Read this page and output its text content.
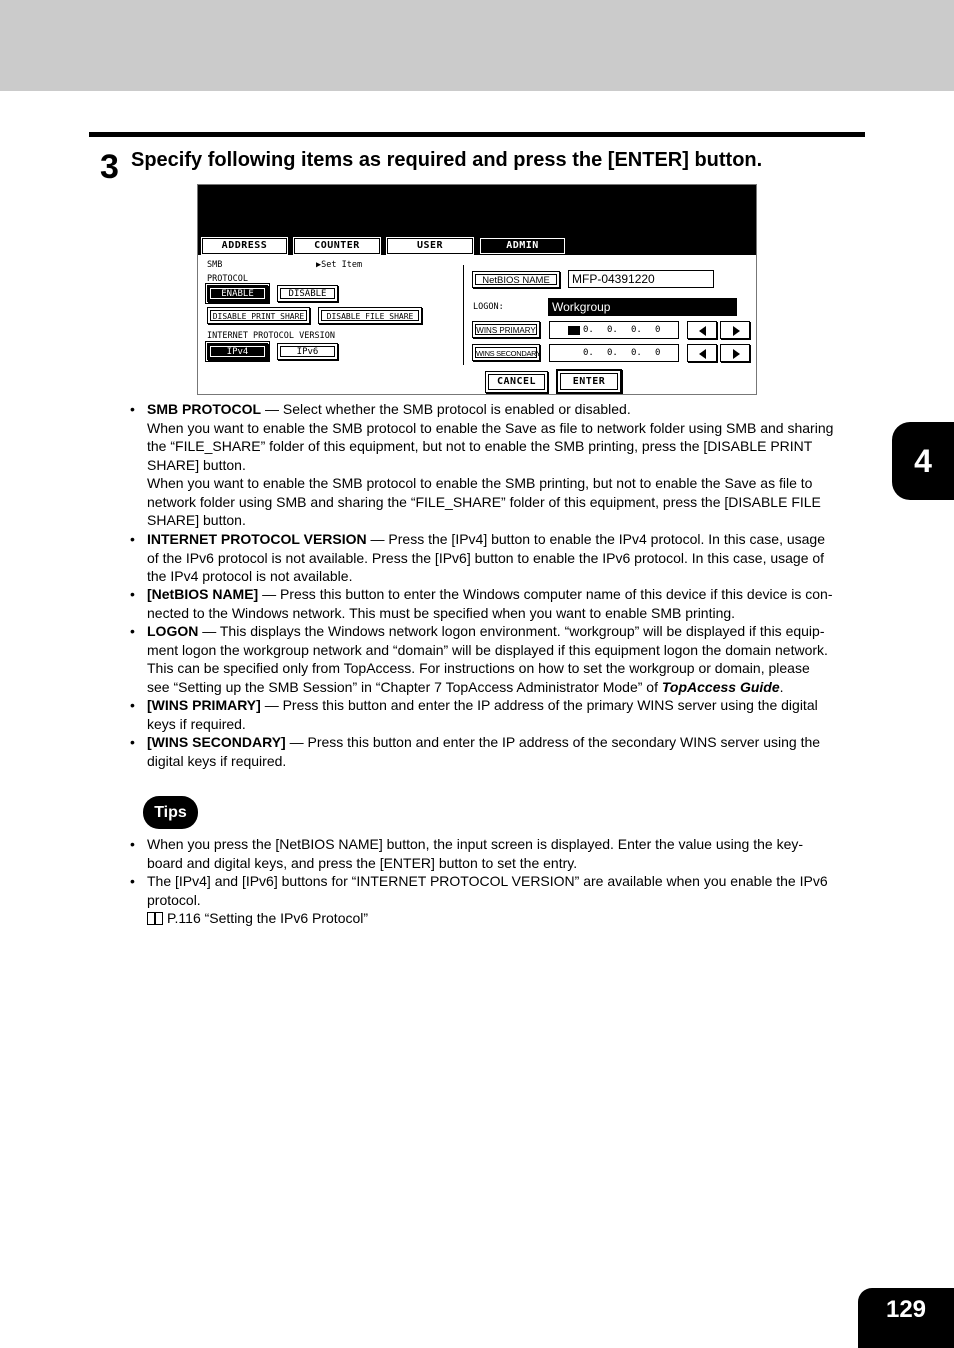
3 Specify following items as required and press the [ENTER] button.
ADDRESS	COUNTER	USER	ADMIN
SMB	▶Set Item
PROTOCOL
ENABLE	DISABLE
DISABLE PRINT SHARE	DISABLE FILE SHARE
INTERNET PROTOCOL VERSION
IPv4	IPv6
NetBIOS NAME	MFP-04391220
LOGON:	Workgroup
WINS PRIMARY	0. 0. 0. 0
WINS SECONDARY	0. 0. 0. 0
CANCEL	ENTER
• SMB PROTOCOL — Select whether the SMB protocol is enabled or disabled.

When you want to enable the SMB protocol to enable the Save as file to network folder using SMB and sharing

the “FILE_SHARE” folder of this equipment, but not to enable the SMB printing, press the [DISABLE PRINT

SHARE] button.

When you want to enable the SMB protocol to enable the SMB printing, but not to enable the Save as file to

network folder using SMB and sharing the “FILE_SHARE” folder of this equipment, press the [DISABLE FILE

SHARE] button.

• INTERNET PROTOCOL VERSION — Press the [IPv4] button to enable the IPv4 protocol. In this case, usage

of the IPv6 protocol is not available. Press the [IPv6] button to enable the IPv6 protocol. In this case, usage of

the IPv4 protocol is not available.

• [NetBIOS NAME] — Press this button to enter the Windows computer name of this device if this device is con-

nected to the Windows network. This must be specified when you want to enable SMB printing.

• LOGON — This displays the Windows network logon environment. “workgroup” will be displayed if this equip-

ment logon the workgroup network and “domain” will be displayed if this equipment logon the domain network.

This can be specified only from TopAccess. For instructions on how to set the workgroup or domain, please

see “Setting up the SMB Session” in “Chapter 7 TopAccess Administrator Mode” of TopAccess Guide.

• [WINS PRIMARY] — Press this button and enter the IP address of the primary WINS server using the digital

keys if required.

• [WINS SECONDARY] — Press this button and enter the IP address of the secondary WINS server using the

digital keys if required.

Tips
• When you press the [NetBIOS NAME] button, the input screen is displayed. Enter the value using the key-

board and digital keys, and press the [ENTER] button to set the entry.

• The [IPv4] and [IPv6] buttons for “INTERNET PROTOCOL VERSION” are available when you enable the IPv6

protocol.

P.116 “Setting the IPv6 Protocol”

4
129
